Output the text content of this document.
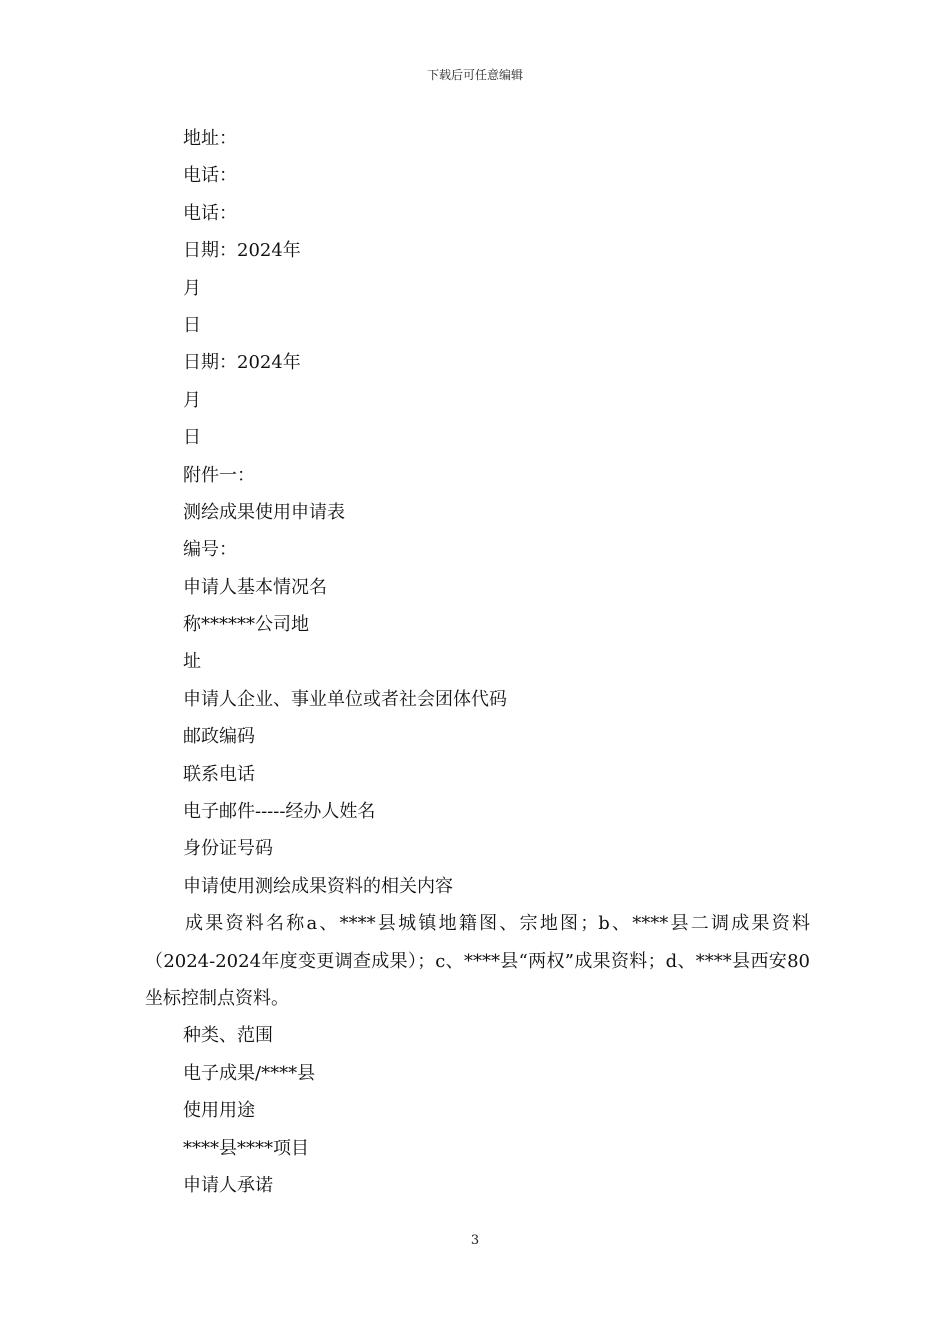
下载后可任意编辑
地址：
电话：
电话：
日期：2024年
月
日
日期：2024年
月
日
附件一：
测绘成果使用申请表
编号：
申请人基本情况名
称******公司地
址
申请人企业、事业单位或者社会团体代码
邮政编码
联系电话
电子邮件-----经办人姓名
身份证号码
申请使用测绘成果资料的相关内容

成果资料名称a、****县城镇地籍图、宗地图；b、****县二调成果资料（2024-2024年度变更调查成果）；c、****县“两权”成果资料；d、****县西安80坐标控制点资料。

种类、范围
电子成果/****县
使用用途
****县****项目
申请人承诺
3
